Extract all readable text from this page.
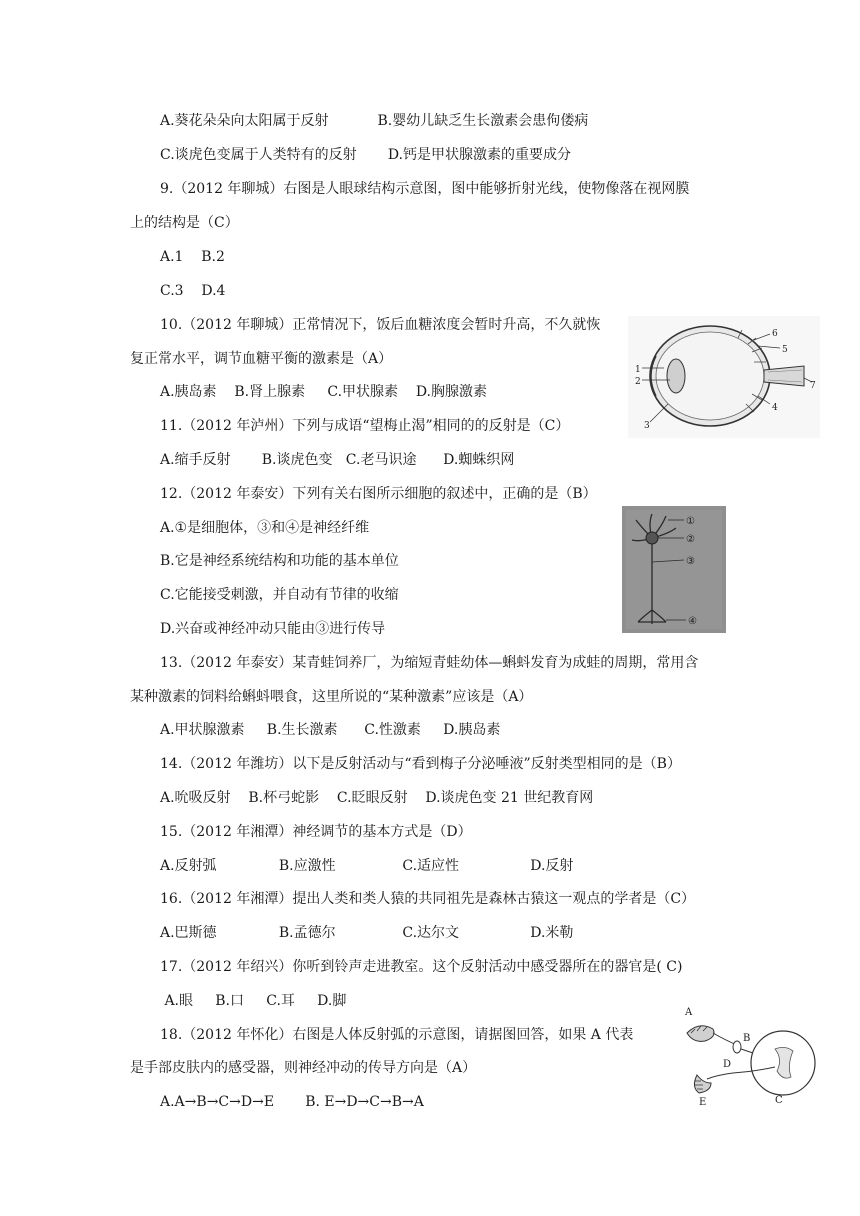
A.葵花朵朵向太阳属于反射           B.婴幼儿缺乏生长激素会患佝偻病
C.谈虎色变属于人类特有的反射       D.钙是甲状腺激素的重要成分
9.（2012 年聊城）右图是人眼球结构示意图，图中能够折射光线，使物像落在视网膜
上的结构是（C）
A.1    B.2
C.3    D.4
10.（2012 年聊城）正常情况下，饭后血糖浓度会暂时升高，不久就恢
复正常水平，调节血糖平衡的激素是（A）
A.胰岛素    B.肾上腺素     C.甲状腺素    D.胸腺激素
11.（2012 年泸州）下列与成语“望梅止渴”相同的的反射是（C）
A.缩手反射       B.谈虎色变   C.老马识途      D.蜘蛛织网
12.（2012 年泰安）下列有关右图所示细胞的叙述中，正确的是（B）
A.①是细胞体，③和④是神经纤维
B.它是神经系统结构和功能的基本单位
C.它能接受刺激，并自动有节律的收缩
D.兴奋或神经冲动只能由③进行传导
13.（2012 年泰安）某青蛙饲养厂，为缩短青蛙幼体—蝌蚪发育为成蛙的周期，常用含
某种激素的饲料给蝌蚪喂食，这里所说的“某种激素”应该是（A）
A.甲状腺激素     B.生长激素      C.性激素     D.胰岛素
14.（2012 年潍坊）以下是反射活动与“看到梅子分泌唾液”反射类型相同的是（B）
A.吮吸反射    B.杯弓蛇影    C.眨眼反射    D.谈虎色变 21 世纪教育网
15.（2012 年湘潭）神经调节的基本方式是（D）
A.反射弧              B.应激性               C.适应性                D.反射
16.（2012 年湘潭）提出人类和类人猿的共同祖先是森林古猿这一观点的学者是（C）
A.巴斯德              B.孟德尔               C.达尔文                D.米勒
17.（2012 年绍兴）你听到铃声走进教室。这个反射活动中感受器所在的器官是( C)
A.眼     B.口     C.耳     D.脚
18.（2012 年怀化）右图是人体反射弧的示意图，请据图回答，如果 A 代表
是手部皮肤内的感受器，则神经冲动的传导方向是（A）
A.A→B→C→D→E       B. E→D→C→B→A
1
2
3
4
5
6
7
①
②
③
④
A
B
C
D
E
